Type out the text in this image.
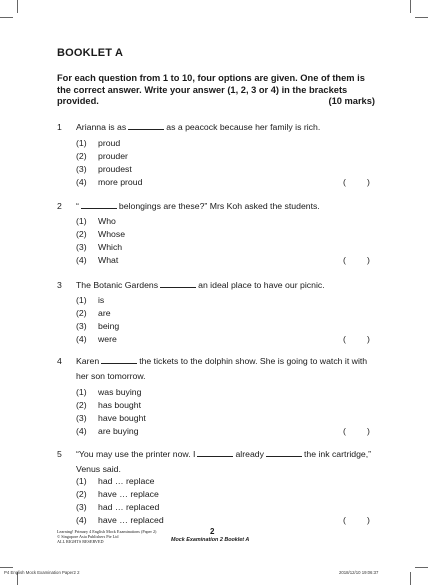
BOOKLET A
For each question from 1 to 10, four options are given. One of them is the correct answer. Write your answer (1, 2, 3 or 4) in the brackets provided.	(10 marks)
1 Arianna is as	as a peacock because her family is rich.
(1) proud
(2) prouder
(3) proudest
(4) more proud	( )
2 “	belongings are these?” Mrs Koh asked the students.
(1) Who
(2) Whose
(3) Which
(4) What	( )
3 The Botanic Gardens	an ideal place to have our picnic.
(1) is
(2) are
(3) being
(4) were	( )
4 Karen	the tickets to the dolphin show. She is going to watch it with
her son tomorrow.
(1) was buying
(2) has bought
(3) have bought
(4) are buying	( )
5 “You may use the printer now. I	already	the ink cartridge,”
Venus said.
(1) had … replace
(2) have … replace
(3) had … replaced
(4) have … replaced	( )
Learning! Primary 4 English Mock Examinations (Paper 2)
© Singapore Asia Publishers Pte Ltd
ALL RIGHTS RESERVED
2
Mock Examination 2 Booklet A
P4 English Mock Examination Paper2 2	2018/12/10 19:06:37
